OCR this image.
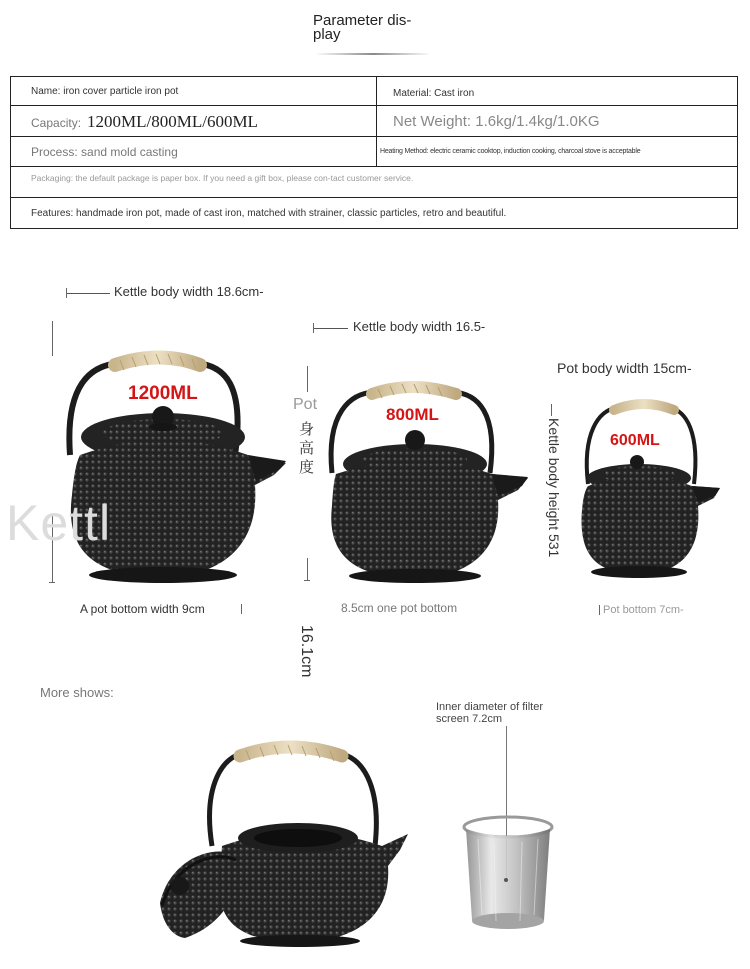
Parameter dis-
play
Name: iron cover particle iron pot	Material: Cast iron
Capacity: 1200ML/800ML/600ML	Net Weight: 1.6kg/1.4kg/1.0KG
Process: sand mold casting	Heating Method: electric ceramic cooktop, induction cooking, charcoal stove is acceptable
Packaging: the default package is paper box. If you need a gift box, please con-tact customer service.
Features: handmade iron pot, made of cast iron, matched with strainer, classic particles, retro and beautiful.
Kettle body width 18.6cm-
Kettle body width 16.5-
Pot body width 15cm-
Pot
身
高
度
16.1cm
Kettle body height 531
A pot bottom width 9cm	8.5cm one pot bottom	Pot bottom 7cm-
1200ML
800ML
600ML
Kettl
More shows:
Inner diameter of filter screen 7.2cm
